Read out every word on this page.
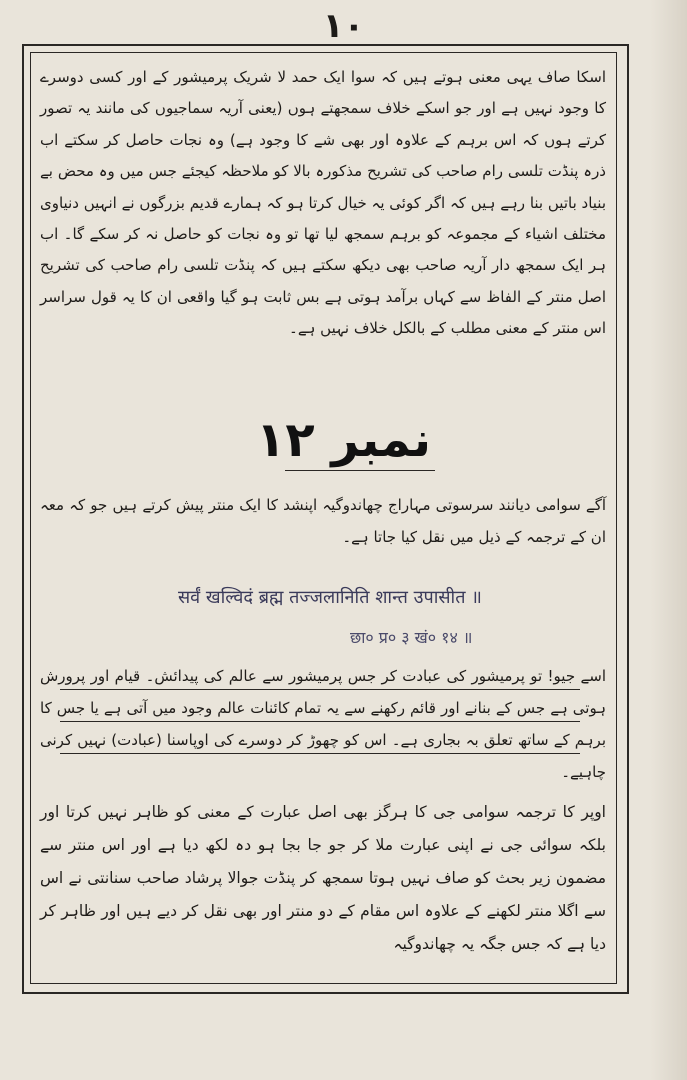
۱۰
اسکا صاف یہی معنی ہوتے ہیں کہ سوا ایک حمد لا شریک پرمیشور کے اور کسی دوسرے کا وجود نہیں ہے اور جو اسکے خلاف سمجھتے ہوں (یعنی آریہ سماجیوں کی مانند یہ تصور کرتے ہوں کہ اس برہم کے علاوہ اور بھی شے کا وجود ہے) وہ نجات حاصل کر سکتے اب ذرہ پنڈت تلسی رام صاحب کی تشریح مذکورہ بالا کو ملاحظہ کیجئے جس میں وہ محض بے بنیاد باتیں بنا رہے ہیں کہ اگر کوئی یہ خیال کرتا ہو کہ ہمارے قدیم بزرگوں نے انہیں دنیاوی مختلف اشیاء کے مجموعہ کو برہم سمجھ لیا تھا تو وہ نجات کو حاصل نہ کر سکے گا۔ اب ہر ایک سمجھ دار آریہ صاحب بھی دیکھ سکتے ہیں کہ پنڈت تلسی رام صاحب کی تشریح اصل منتر کے الفاظ سے کہاں برآمد ہوتی ہے بس ثابت ہو گیا واقعی ان کا یہ قول سراسر اس منتر کے معنی مطلب کے بالکل خلاف نہیں ہے۔
نمبر ۱۲
آگے سوامی دیانند سرسوتی مہاراج چھاندوگیہ اپنشد کا ایک منتر پیش کرتے ہیں جو کہ معہ ان کے ترجمہ کے ذیل میں نقل کیا جاتا ہے۔
सर्वं खल्विदं ब्रह्म तज्जलानिति शान्त उपासीत ॥
छा० प्र० ३ खं० १४ ॥
اسے جیو! تو پرمیشور کی عبادت کر جس پرمیشور سے عالم کی پیدائش۔ قیام اور پرورش ہوتی ہے جس کے بنانے اور قائم رکھنے سے یہ تمام کائنات عالم وجود میں آتی ہے یا جس کا برہم کے ساتھ تعلق بہ بجاری ہے۔ اس کو چھوڑ کر دوسرے کی اوپاسنا (عبادت) نہیں کرنی چاہیے۔
اوپر کا ترجمہ سوامی جی کا ہرگز بھی اصل عبارت کے معنی کو ظاہر نہیں کرتا اور بلکہ سوائی جی نے اپنی عبارت ملا کر جو جا بجا ہو دہ لکھ دیا ہے اور اس منتر سے مضمون زیر بحث کو صاف نہیں ہوتا سمجھ کر پنڈت جوالا پرشاد صاحب سنانتی نے اس سے اگلا منتر لکھنے کے علاوہ اس مقام کے دو منتر اور بھی نقل کر دیے ہیں اور ظاہر کر دیا ہے کہ جس جگہ یہ چھاندوگیہ
